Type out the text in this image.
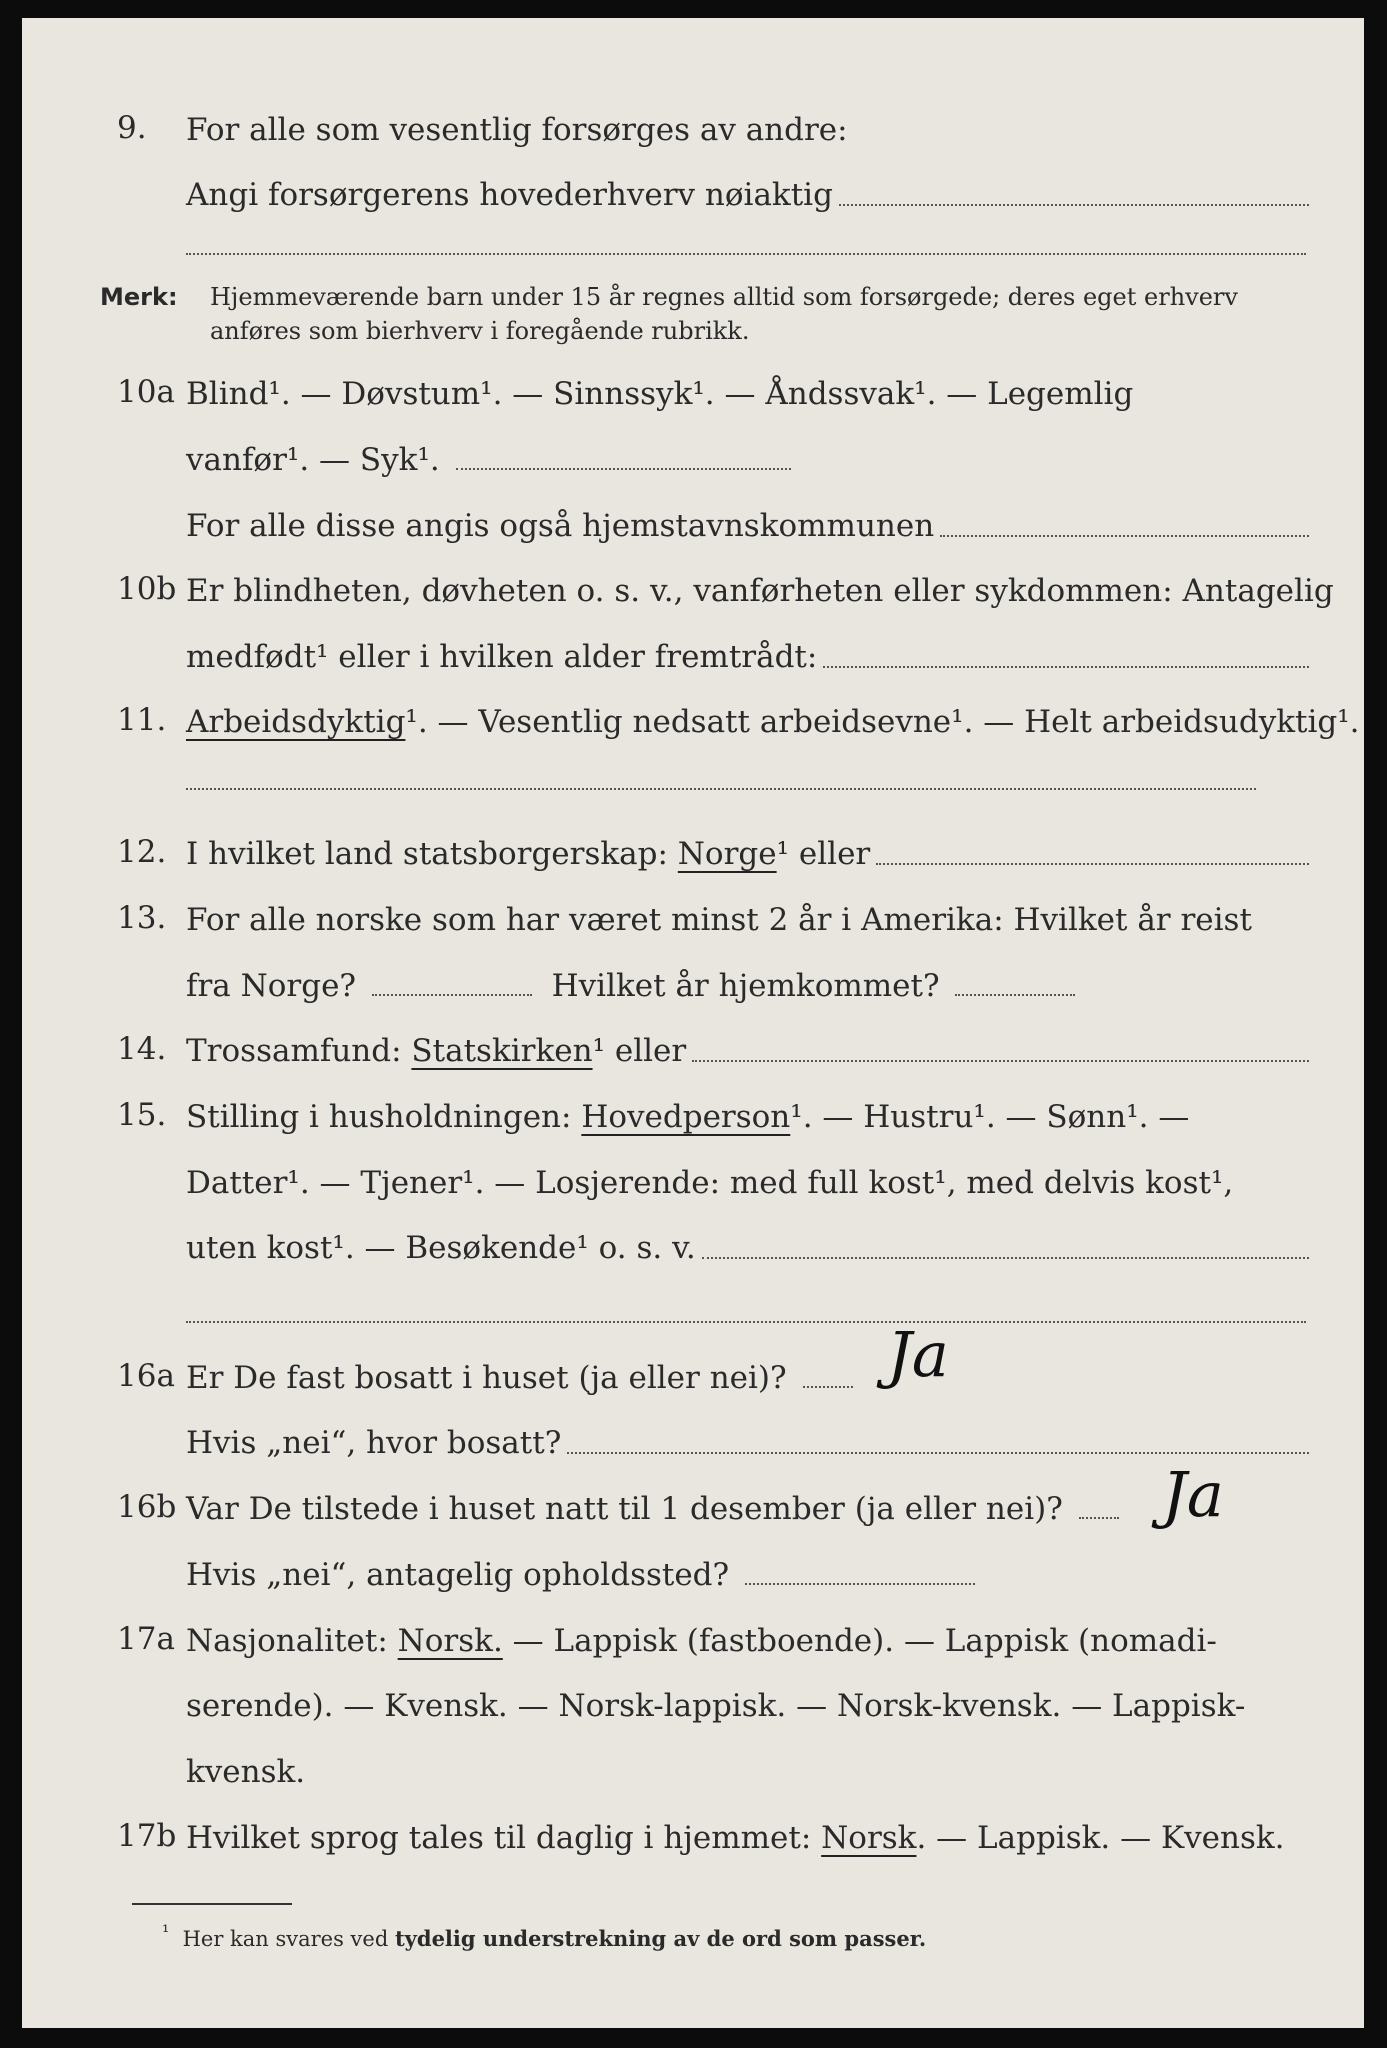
9.	For alle som vesentlig forsørges av andre:
Angi forsørgerens hovederhverv nøiaktig
Merk: Hjemmeværende barn under 15 år regnes alltid som forsørgede; deres eget erhverv
anføres som bierhverv i foregående rubrikk.
10a Blind¹. — Døvstum¹. — Sinnssyk¹. — Åndssvak¹. — Legemlig
vanfør¹. — Syk¹.
For alle disse angis også hjemstavnskommunen
10b Er blindheten, døvheten o. s. v., vanførheten eller sykdommen: Antagelig
medfødt¹ eller i hvilken alder fremtrådt:
11. Arbeidsdyktig¹. — Vesentlig nedsatt arbeidsevne¹. — Helt arbeidsudyktig¹.
12. I hvilket land statsborgerskap:
Norge ¹ eller
13. For alle norske som har været minst 2 år i Amerika: Hvilket år reist
fra Norge?	Hvilket år hjemkommet?
14. Trossamfund:
Statskirken ¹ eller
15. Stilling i husholdningen: Hovedperson¹. — Hustru¹. — Sønn¹. —
Datter¹. — Tjener¹. — Losjerende: med full kost¹, med delvis kost¹,
uten kost¹. — Besøkende¹ o. s. v.
16a Er De fast bosatt i huset (ja eller nei)?	Ja
Hvis „nei“, hvor bosatt?
16b Var De tilstede i huset natt til 1 desember (ja eller nei)?	Ja
Hvis „nei“, antagelig opholdssted?
17a Nasjonalitet: Norsk. — Lappisk (fastboende). — Lappisk (nomadi-
serende). — Kvensk. — Norsk-lappisk. — Norsk-kvensk. — Lappisk-
kvensk.
17b Hvilket sprog tales til daglig i hjemmet: Norsk. — Lappisk. — Kvensk.
¹ Her kan svares ved tydelig understrekning av de ord som passer.
